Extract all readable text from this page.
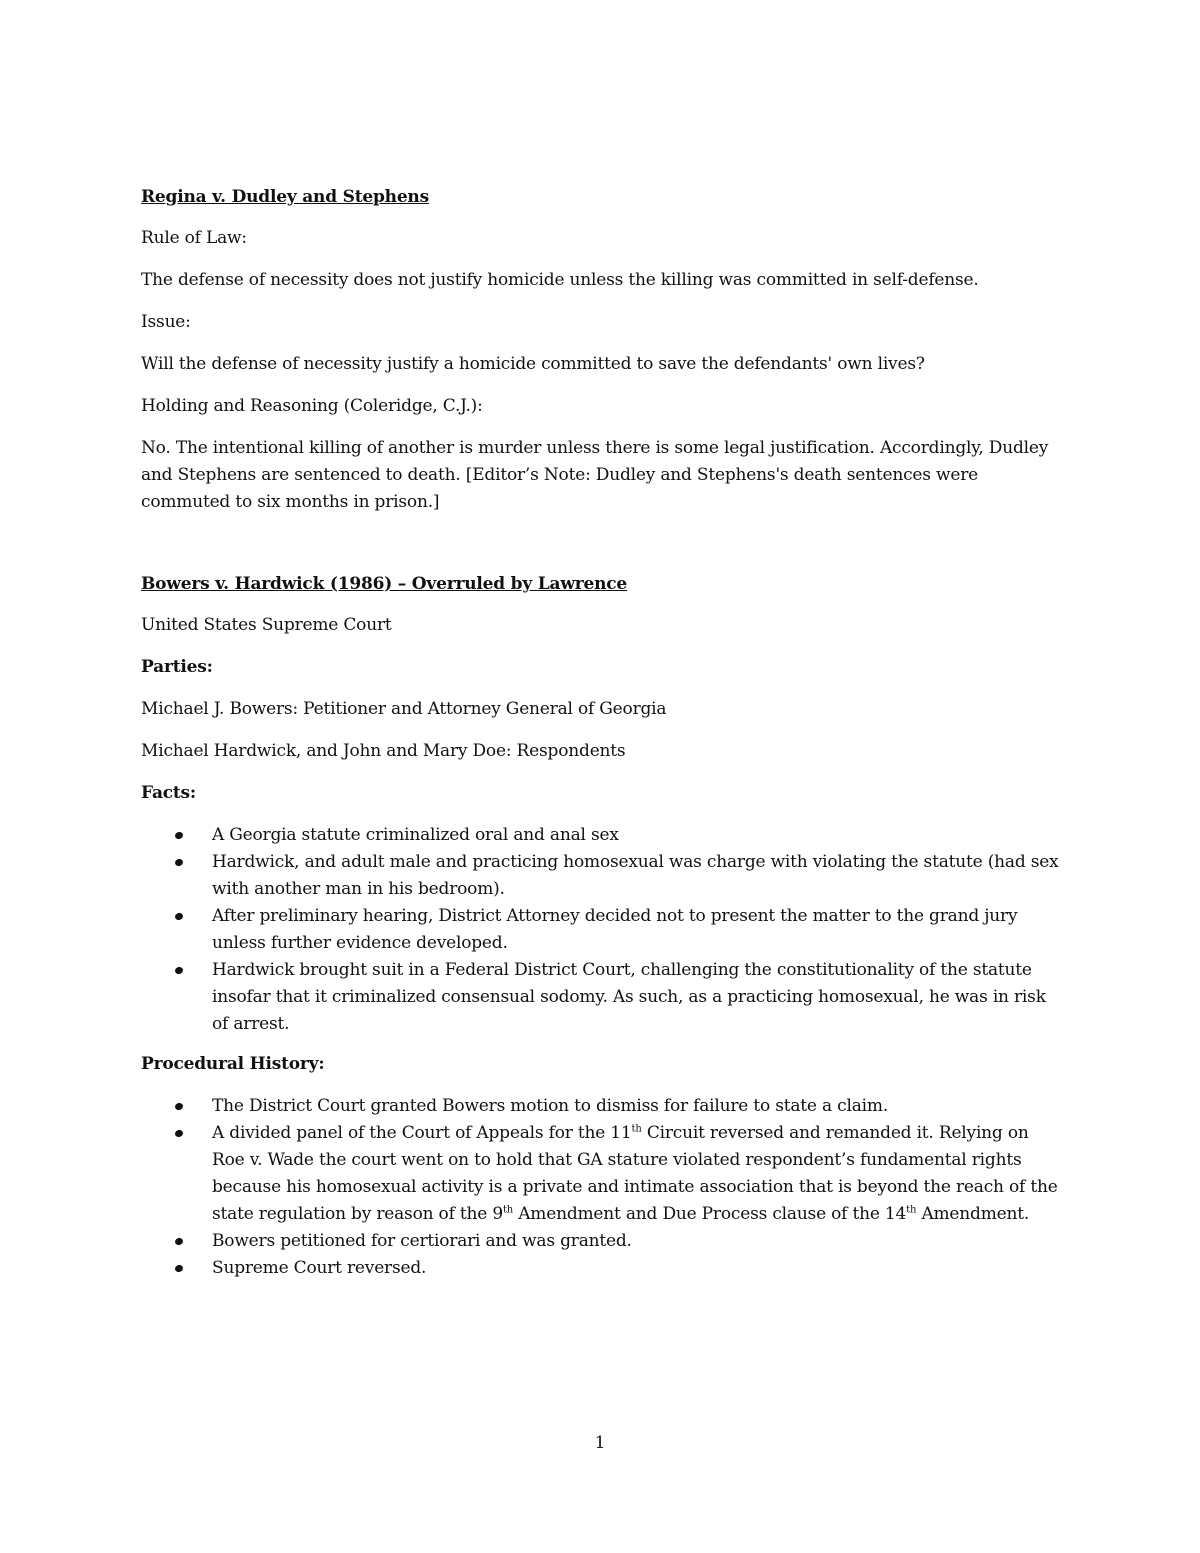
Regina v. Dudley and Stephens

Rule of Law:

The defense of necessity does not justify homicide unless the killing was committed in self-defense.

Issue:

Will the defense of necessity justify a homicide committed to save the defendants' own lives?

Holding and Reasoning (Coleridge, C.J.):

No. The intentional killing of another is murder unless there is some legal justification. Accordingly, Dudley and Stephens are sentenced to death. [Editor’s Note: Dudley and Stephens's death sentences were commuted to six months in prison.]

Bowers v. Hardwick (1986) – Overruled by Lawrence

United States Supreme Court

Parties:

Michael J. Bowers: Petitioner and Attorney General of Georgia

Michael Hardwick, and John and Mary Doe: Respondents

Facts:

A Georgia statute criminalized oral and anal sex
Hardwick, and adult male and practicing homosexual was charge with violating the statute (had sex with another man in his bedroom).
After preliminary hearing, District Attorney decided not to present the matter to the grand jury unless further evidence developed.
Hardwick brought suit in a Federal District Court, challenging the constitutionality of the statute insofar that it criminalized consensual sodomy. As such, as a practicing homosexual, he was in risk of arrest.

Procedural History:

The District Court granted Bowers motion to dismiss for failure to state a claim.
A divided panel of the Court of Appeals for the 11th Circuit reversed and remanded it. Relying on Roe v. Wade the court went on to hold that GA stature violated respondent’s fundamental rights because his homosexual activity is a private and intimate association that is beyond the reach of the state regulation by reason of the 9th Amendment and Due Process clause of the 14th Amendment.
Bowers petitioned for certiorari and was granted.
Supreme Court reversed.
1
